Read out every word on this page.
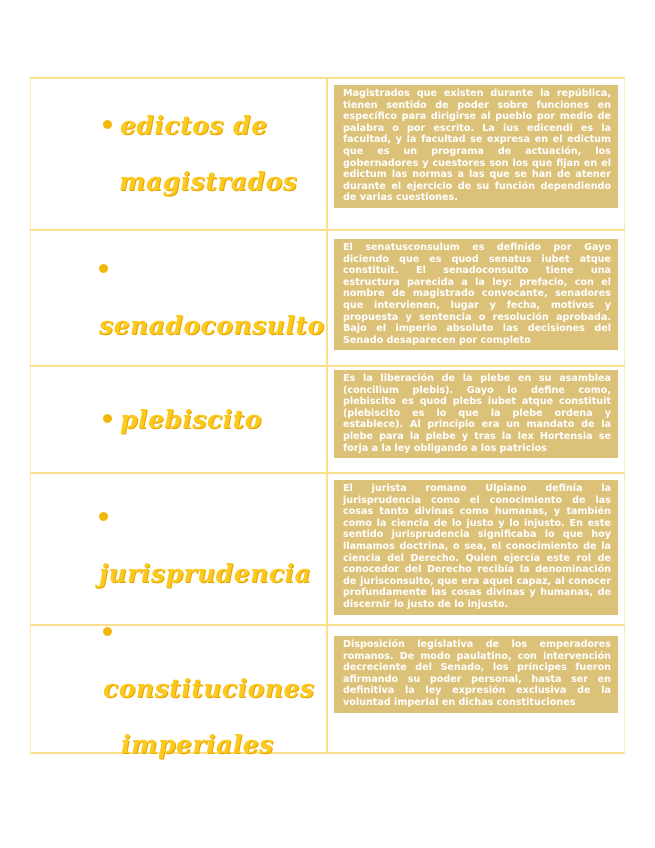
edictos de
magistrados
Magistrados que existen durante la república, tienen sentido de poder sobre funciones en específico para dirigirse al pueblo por medio de palabra o por escrito. La ius edicendi es la facultad, y la facultad se expresa en el edictum que es un programa de actuación, los gobernadores y cuestores son los que fijan en el edictum las normas a las que se han de atener durante el ejercicio de su función dependiendo de varias cuestiones.
senadoconsulto
El senatusconsulum es definido por Gayo diciendo que es quod senatus iubet atque constituit. El senadoconsulto tiene una estructura parecida a la ley: prefacio, con el nombre de magistrado convocante, senadores que intervienen, lugar y fecha, motivos y propuesta y sentencia o resolución aprobada. Bajo el imperio absoluto las decisiones del Senado desaparecen por completo
plebiscito
Es la liberación de la plebe en su asamblea (concilium plebis). Gayo lo define como, plebiscito es quod plebs iubet atque constituit (plebiscito es lo que la plebe ordena y establece). Al principio era un mandato de la plebe para la plebe y tras la lex Hortensia se forja a la ley obligando a los patricios
jurisprudencia
El jurista romano Ulpiano definía la jurisprudencia como el conocimiento de las cosas tanto divinas como humanas, y también como la ciencia de lo justo y lo injusto. En este sentido jurisprudencia significaba lo que hoy llamamos doctrina, o sea, el conocimiento de la ciencia del Derecho. Quien ejercía este rol de conocedor del Derecho recibía la denominación de jurisconsulto, que era aquel capaz, al conocer profundamente las cosas divinas y humanas, de discernir lo justo de lo injusto.
constituciones
imperiales
Disposición legislativa de los emperadores romanos. De modo paulatino, con intervención decreciente del Senado, los príncipes fueron afirmando su poder personal, hasta ser en definitiva la ley expresión exclusiva de la voluntad imperial en dichas constituciones
